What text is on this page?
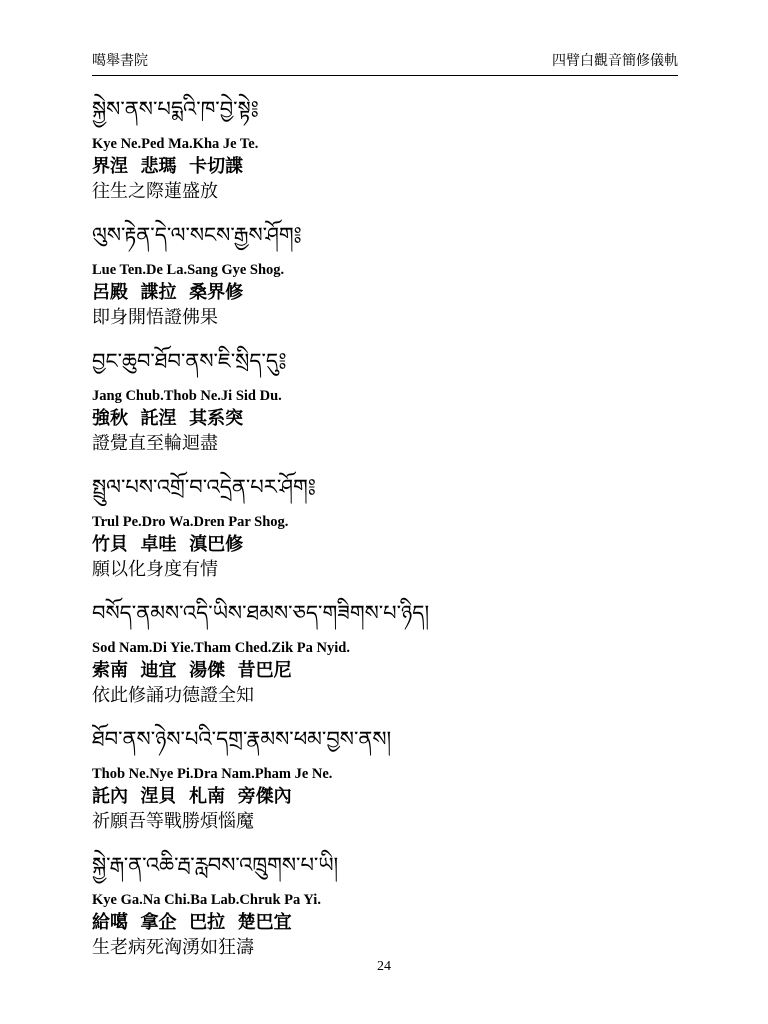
噶舉書院	四臂白觀音簡修儀軌
སྐྱེས་ནས་པདྨའི་ཁ་བྱེ་སྟེ༔
Kye Ne.Ped Ma.Kha Je Te.
界涅  悲瑪  卡切諜
往生之際蓮盛放
ལུས་རྟེན་དེ་ལ་སངས་རྒྱས་ཤོག༔
Lue Ten.De La.Sang Gye Shog.
呂殿  諜拉  桑界修
即身開悟證佛果
བྱང་ཆུབ་ཐོབ་ནས་ཇི་སྲིད་དུ༔
Jang Chub.Thob Ne.Ji Sid Du.
強秋  託涅  其系突
證覺直至輪迴盡
སྤྲུལ་པས་འགྲོ་བ་འདྲེན་པར་ཤོག༔
Trul Pe.Dro Wa.Dren Par Shog.
竹貝  卓哇  滇巴修
願以化身度有情
བསོད་ནམས་འདི་ཡིས་ཐམས་ཅད་གཟིགས་པ་ཉིད།
Sod Nam.Di Yie.Tham Ched.Zik Pa Nyid.
索南  迪宜  湯傑  昔巴尼
依此修誦功德證全知
ཐོབ་ནས་ཉེས་པའི་དགྲ་རྣམས་ཕམ་བྱས་ནས།
Thob Ne.Nye Pi.Dra Nam.Pham Je Ne.
託內  涅貝  札南  旁傑內
祈願吾等戰勝煩惱魔
སྐྱེ་རྒ་ན་འཆི་རྦ་རླབས་འཁྲུགས་པ་ཡི།
Kye Ga.Na Chi.Ba Lab.Chruk Pa Yi.
給噶  拿企  巴拉  楚巴宜
生老病死洶湧如狂濤
24
